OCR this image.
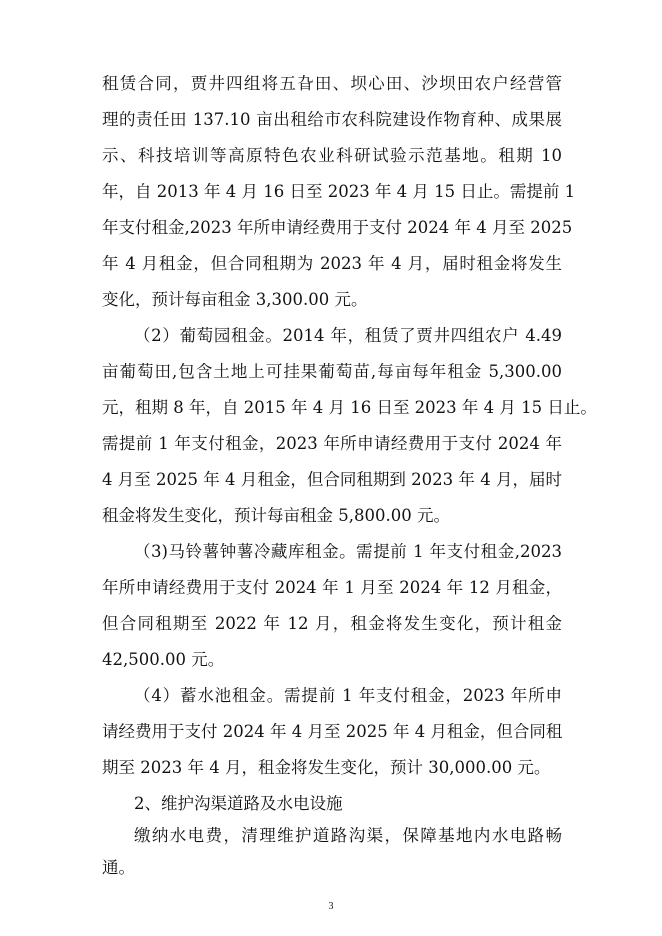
租赁合同，贾井四组将五旮田、坝心田、沙坝田农户经营管
理的责任田 137.10 亩出租给市农科院建设作物育种、成果展
示、科技培训等高原特色农业科研试验示范基地。租期 10
年，自 2013 年 4 月 16 日至 2023 年 4 月 15 日止。需提前 1
年支付租金,2023 年所申请经费用于支付 2024 年 4 月至 2025
年 4 月租金，但合同租期为 2023 年 4 月，届时租金将发生
变化，预计每亩租金 3,300.00 元。
（2）葡萄园租金。2014 年，租赁了贾井四组农户 4.49
亩葡萄田,包含土地上可挂果葡萄苗,每亩每年租金 5,300.00
元，租期 8 年，自 2015 年 4 月 16 日至 2023 年 4 月 15 日止。
需提前 1 年支付租金，2023 年所申请经费用于支付 2024 年
4 月至 2025 年 4 月租金，但合同租期到 2023 年 4 月，届时
租金将发生变化，预计每亩租金 5,800.00 元。
（3)马铃薯钟薯冷藏库租金。需提前 1 年支付租金,2023
年所申请经费用于支付 2024 年 1 月至 2024 年 12 月租金，
但合同租期至 2022 年 12 月，租金将发生变化，预计租金
42,500.00 元。
（4）蓄水池租金。需提前 1 年支付租金，2023 年所申
请经费用于支付 2024 年 4 月至 2025 年 4 月租金，但合同租
期至 2023 年 4 月，租金将发生变化，预计 30,000.00 元。
2、维护沟渠道路及水电设施
缴纳水电费，清理维护道路沟渠，保障基地内水电路畅
3
通。
